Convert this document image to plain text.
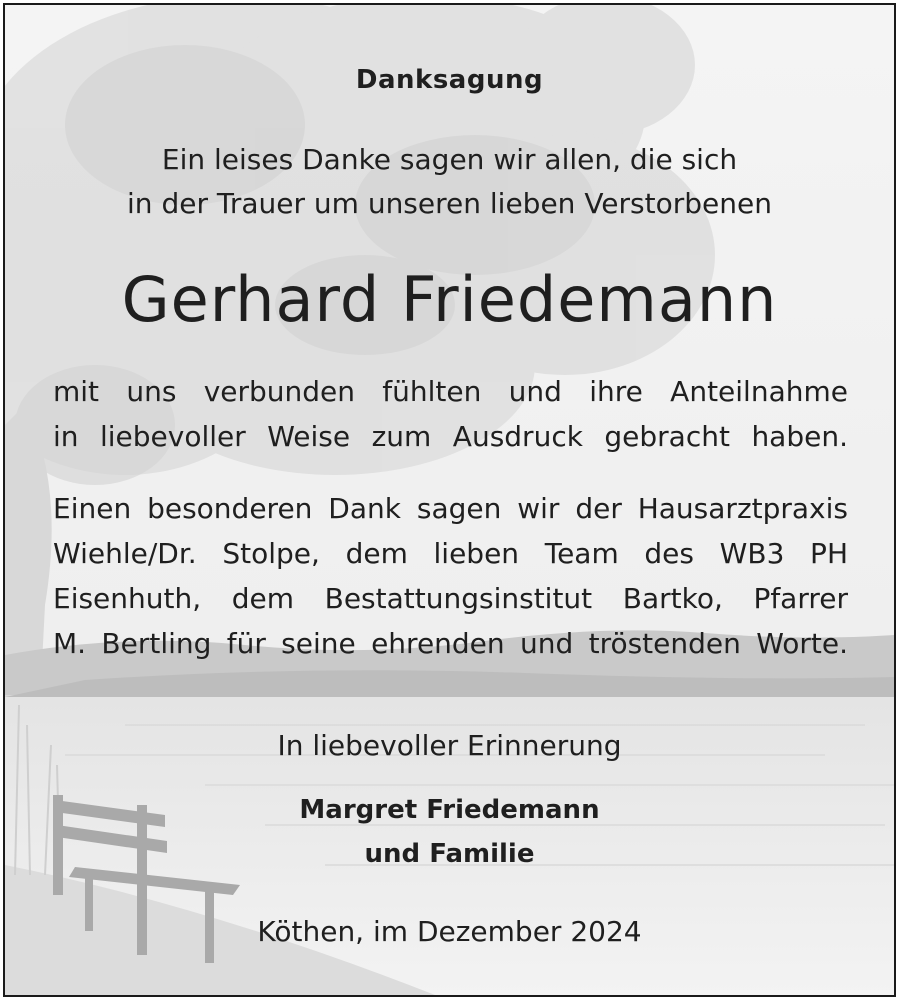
Danksagung
Ein leises Danke sagen wir allen, die sich
in der Trauer um unseren lieben Verstorbenen
Gerhard Friedemann
mit uns verbunden fühlten und ihre Anteilnahme
in liebevoller Weise zum Ausdruck gebracht haben.
Einen besonderen Dank sagen wir der Hausarztpraxis
Wiehle/Dr. Stolpe, dem lieben Team des WB3 PH
Eisenhuth, dem Bestattungsinstitut Bartko, Pfarrer
M. Bertling für seine ehrenden und tröstenden Worte.
In liebevoller Erinnerung
Margret Friedemann
und Familie
Köthen, im Dezember 2024
